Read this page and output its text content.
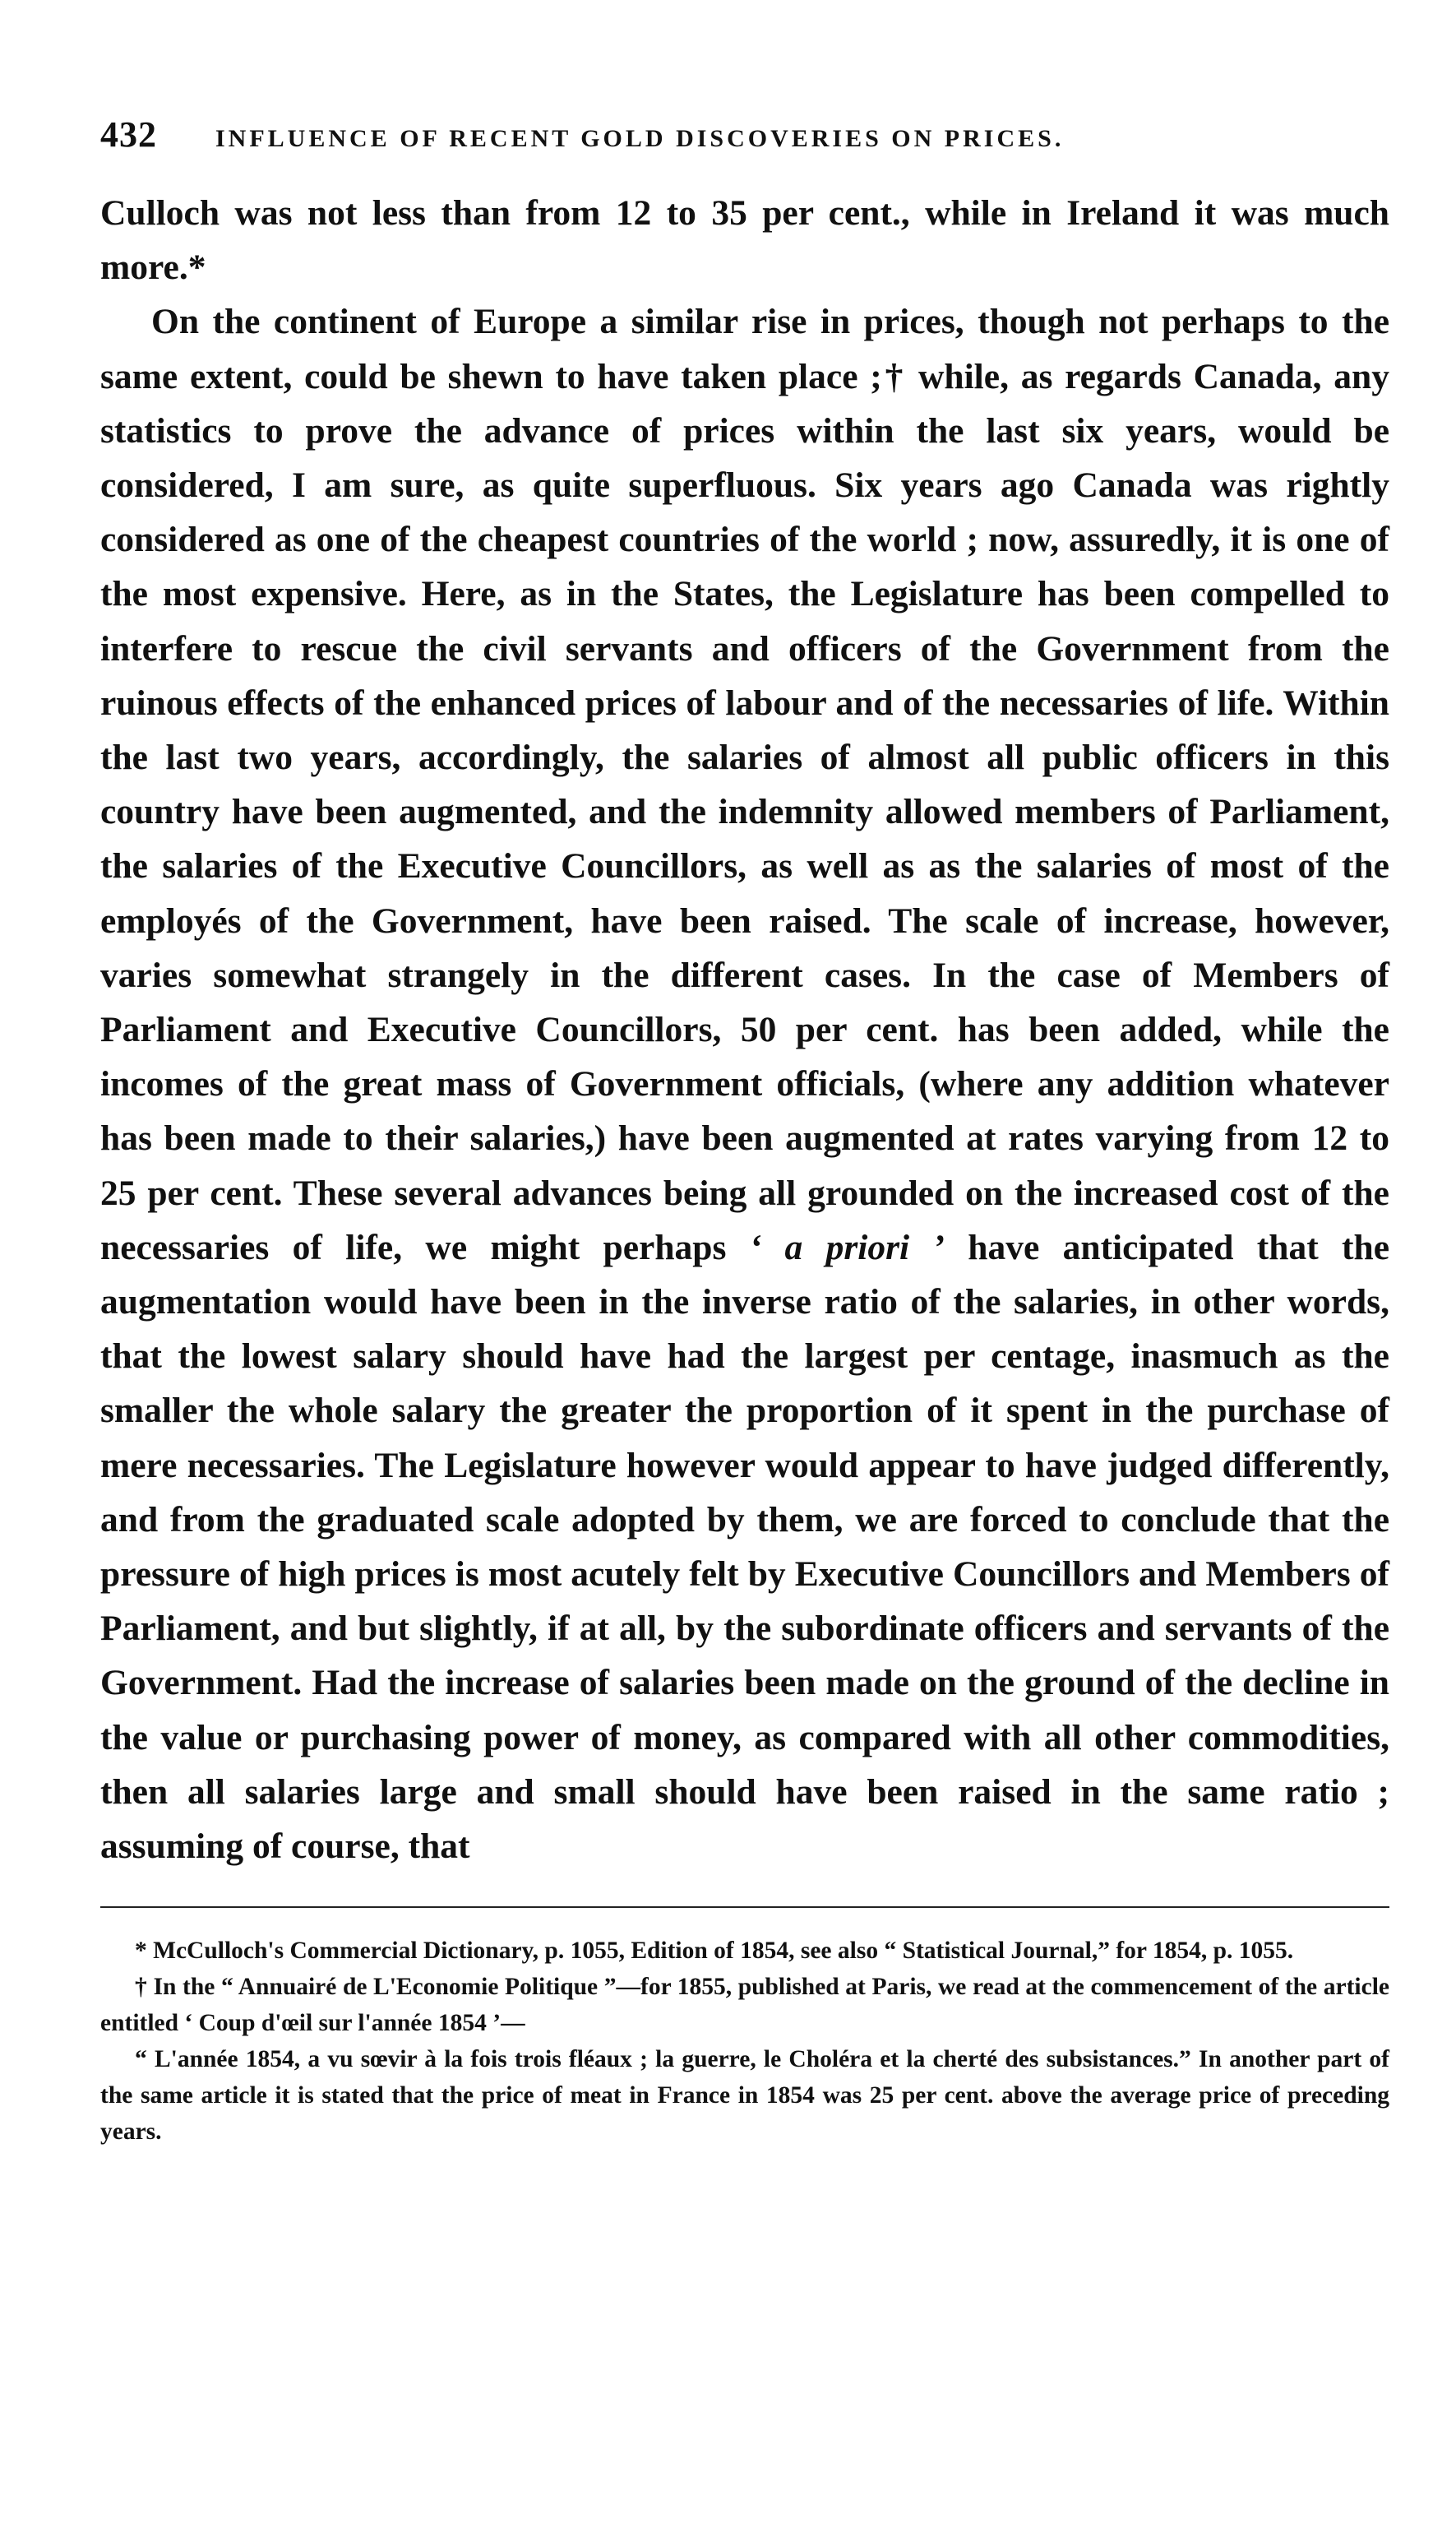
432	INFLUENCE OF RECENT GOLD DISCOVERIES ON PRICES.

Culloch was not less than from 12 to 35 per cent., while in Ireland it was much more.*

On the continent of Europe a similar rise in prices, though not perhaps to the same extent, could be shewn to have taken place ;† while, as regards Canada, any statistics to prove the advance of prices within the last six years, would be considered, I am sure, as quite superfluous. Six years ago Canada was rightly considered as one of the cheapest countries of the world ; now, assuredly, it is one of the most expensive. Here, as in the States, the Legislature has been compelled to interfere to rescue the civil servants and officers of the Government from the ruinous effects of the enhanced prices of labour and of the necessaries of life. Within the last two years, accordingly, the salaries of almost all public officers in this country have been augmented, and the indemnity allowed members of Parliament, the salaries of the Executive Councillors, as well as as the salaries of most of the employés of the Government, have been raised. The scale of increase, however, varies somewhat strangely in the different cases. In the case of Members of Parliament and Executive Councillors, 50 per cent. has been added, while the incomes of the great mass of Government officials, (where any addition whatever has been made to their salaries,) have been augmented at rates varying from 12 to 25 per cent. These several advances being all grounded on the increased cost of the necessaries of life, we might perhaps ‘ a priori ’ have anticipated that the augmentation would have been in the inverse ratio of the salaries, in other words, that the lowest salary should have had the largest per centage, inasmuch as the smaller the whole salary the greater the proportion of it spent in the purchase of mere necessaries. The Legislature however would appear to have judged differently, and from the graduated scale adopted by them, we are forced to conclude that the pressure of high prices is most acutely felt by Executive Councillors and Members of Parliament, and but slightly, if at all, by the subordinate officers and servants of the Government. Had the increase of salaries been made on the ground of the decline in the value or purchasing power of money, as compared with all other commodities, then all salaries large and small should have been raised in the same ratio ; assuming of course, that

* McCulloch's Commercial Dictionary, p. 1055, Edition of 1854, see also “ Statistical Journal,” for 1854, p. 1055.

† In the “ Annuairé de L'Economie Politique ”—for 1855, published at Paris, we read at the commencement of the article entitled ‘ Coup d'œil sur l'année 1854 ’—

“ L'année 1854, a vu sœvir à la fois trois fléaux ; la guerre, le Choléra et la cherté des subsistances.” In another part of the same article it is stated that the price of meat in France in 1854 was 25 per cent. above the average price of preceding years.
